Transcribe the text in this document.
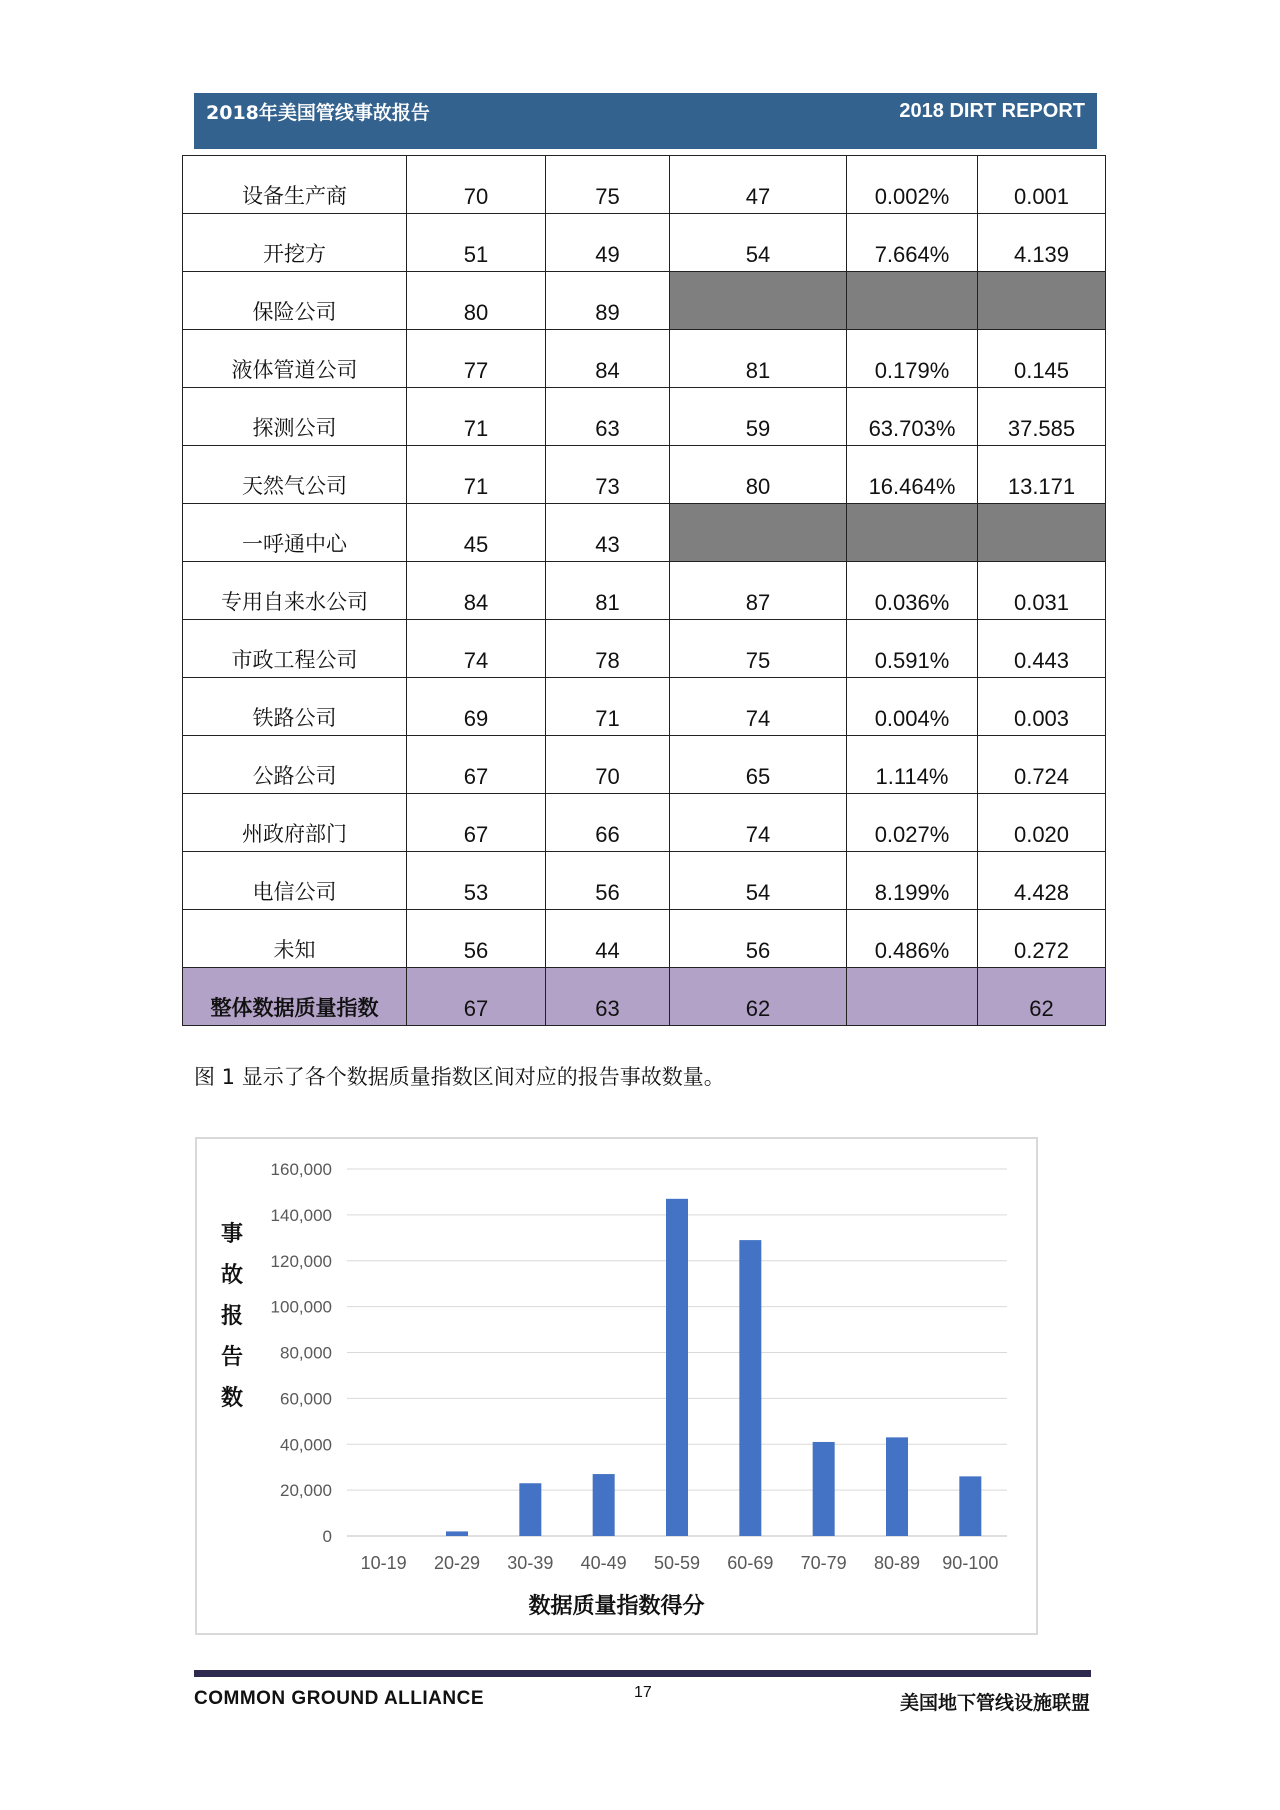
2018年美国管线事故报告	2018 DIRT REPORT
设备生产商	70	75	47	0.002%	0.001
开挖方	51	49	54	7.664%	4.139
保险公司	80	89			
液体管道公司	77	84	81	0.179%	0.145
探测公司	71	63	59	63.703%	37.585
天然气公司	71	73	80	16.464%	13.171
一呼通中心	45	43			
专用自来水公司	84	81	87	0.036%	0.031
市政工程公司	74	78	75	0.591%	0.443
铁路公司	69	71	74	0.004%	0.003
公路公司	67	70	65	1.114%	0.724
州政府部门	67	66	74	0.027%	0.020
电信公司	53	56	54	8.199%	4.428
未知	56	44	56	0.486%	0.272
整体数据质量指数	67	63	62		62
图 1 显示了各个数据质量指数区间对应的报告事故数量。
0
20,000
40,000
60,000
80,000
100,000
120,000
140,000
160,000
10-19 20-29 30-39 40-49 50-59 60-69 70-79 80-89 90-100
事
故
报
告
数
数据质量指数得分
COMMON GROUND ALLIANCE	17	美国地下管线设施联盟
